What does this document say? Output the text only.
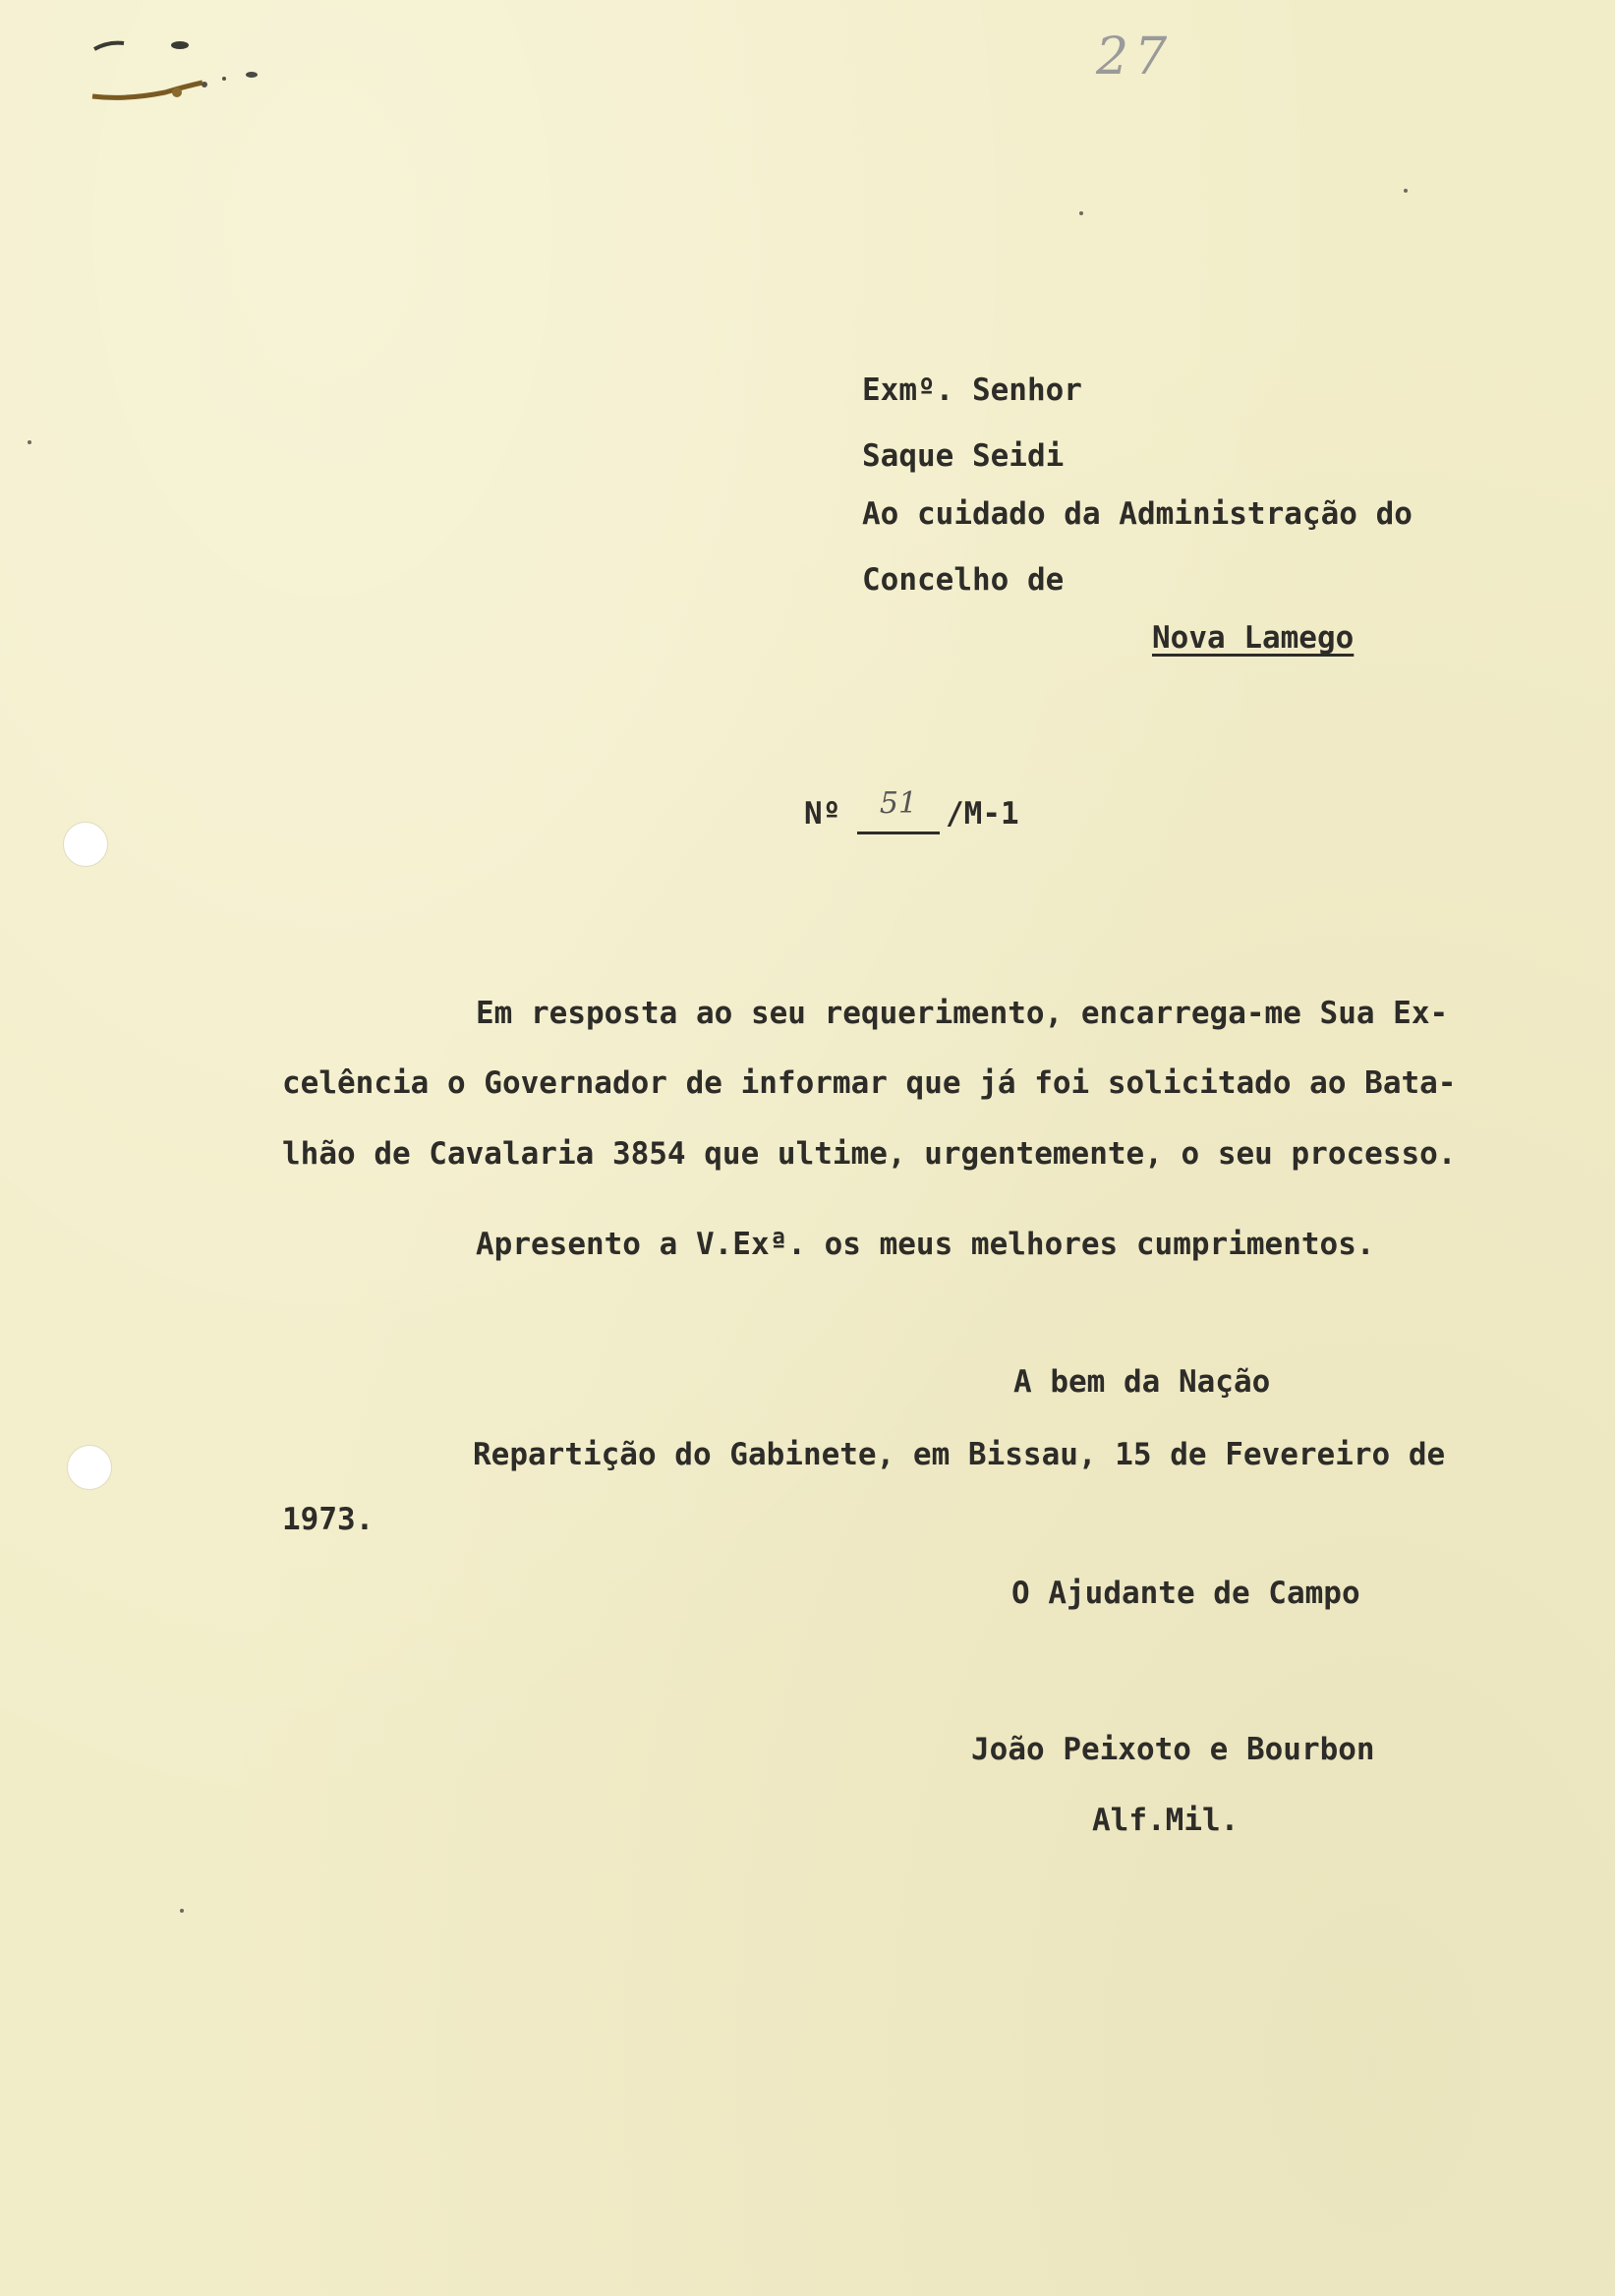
27

Exmº. Senhor

Saque Seidi

Ao cuidado da Administração do

Concelho de

Nova Lamego

Nº	51 /M-1

Em resposta ao seu requerimento, encarrega-me Sua Ex-

celência o Governador de informar que já foi solicitado ao Bata-

lhão de Cavalaria 3854 que ultime, urgentemente, o seu processo.

Apresento a V.Exª. os meus melhores cumprimentos.

A bem da Nação

Repartição do Gabinete, em Bissau, 15 de Fevereiro de

1973.

O Ajudante de Campo

João Peixoto e Bourbon

Alf.Mil.
